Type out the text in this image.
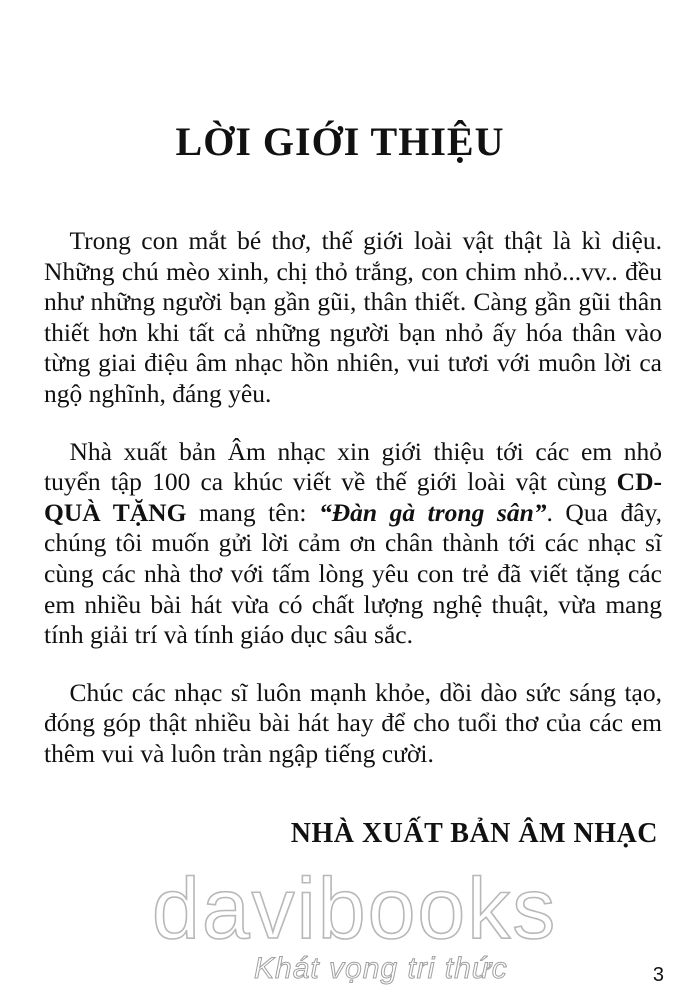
LỜI GIỚI THIỆU

 Trong con mắt bé thơ, thế giới loài vật thật là kì diệu. Những chú mèo xinh, chị thỏ trắng, con chim nhỏ...vv.. đều như những người bạn gần gũi, thân thiết. Càng gần gũi thân thiết hơn khi tất cả những người bạn nhỏ ấy hóa thân vào từng giai điệu âm nhạc hồn nhiên, vui tươi với muôn lời ca ngộ nghĩnh, đáng yêu.

 Nhà xuất bản Âm nhạc xin giới thiệu tới các em nhỏ tuyển tập 100 ca khúc viết về thế giới loài vật cùng CD-QUÀ TẶNG mang tên: “Đàn gà trong sân”. Qua đây, chúng tôi muốn gửi lời cảm ơn chân thành tới các nhạc sĩ cùng các nhà thơ với tấm lòng yêu con trẻ đã viết tặng các em nhiều bài hát vừa có chất lượng nghệ thuật, vừa mang tính giải trí và tính giáo dục sâu sắc.

 Chúc các nhạc sĩ luôn mạnh khỏe, dồi dào sức sáng tạo, đóng góp thật nhiều bài hát hay để cho tuổi thơ của các em thêm vui và luôn tràn ngập tiếng cười.

NHÀ XUẤT BẢN ÂM NHẠC

davibooks
Khát vọng tri thức	3
